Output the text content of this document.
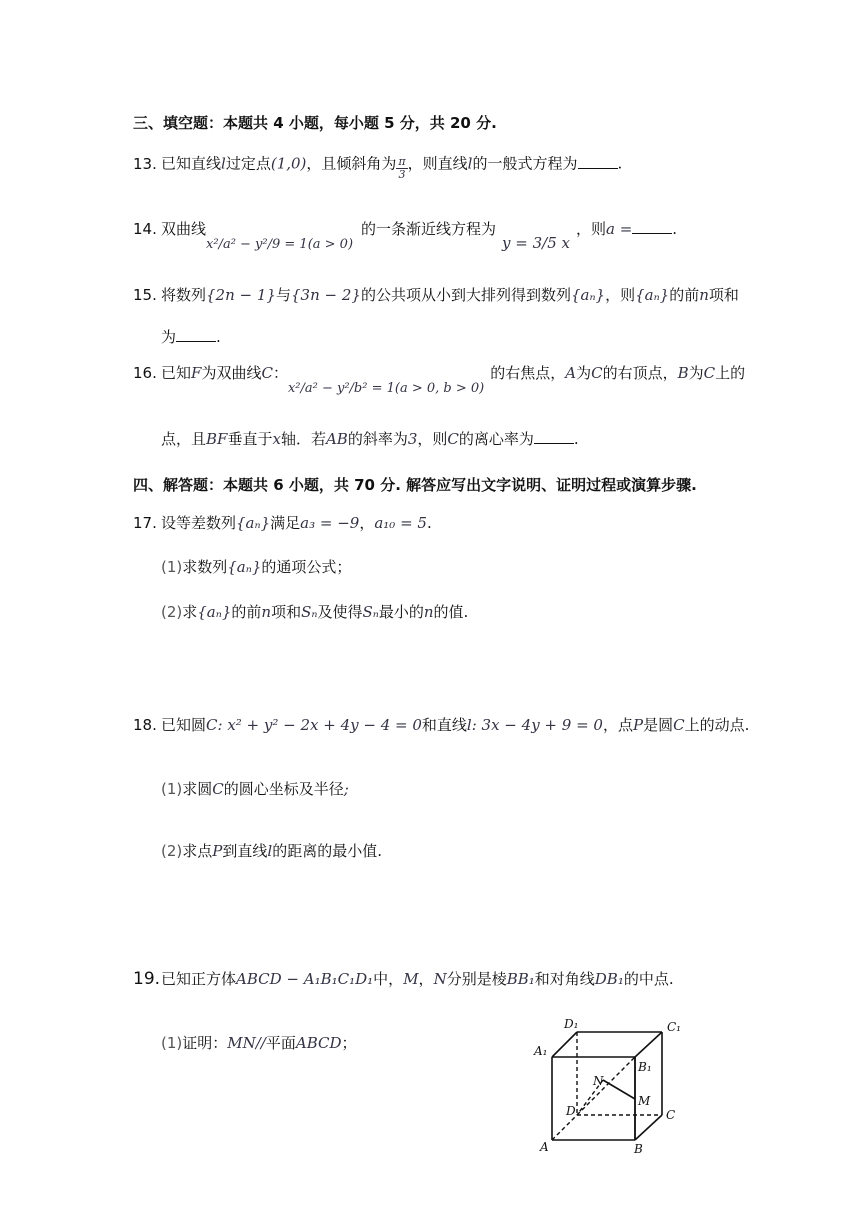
三、填空题：本题共 4 小题，每小题 5 分，共 20 分.
13. 已知直线l过定点(1,0)，且倾斜角为 $\frac{\pi}{3}$，则直线l的一般式方程为	.
14. 双曲线x²/a² − y²/9 = 1(a > 0)的一条渐近线方程为y = 3/5 x，则a =	.
15. 将数列{2n − 1}与{3n − 2}的公共项从小到大排列得到数列{aₙ}，则{aₙ}的前n项和
为	.
16. 已知F为双曲线C：x²/a² − y²/b² = 1(a > 0, b > 0)的右焦点，A为C的右顶点，B为C上的
点，且BF垂直于x轴．若AB的斜率为3，则C的离心率为	.
四、解答题：本题共 6 小题，共 70 分. 解答应写出文字说明、证明过程或演算步骤.
17. 设等差数列{aₙ}满足a₃ = −9，a₁₀ = 5.
(1)求数列{aₙ}的通项公式；
(2)求{aₙ}的前n项和Sₙ及使得Sₙ最小的n的值.
18. 已知圆C: x² + y² − 2x + 4y − 4 = 0和直线l: 3x − 4y + 9 = 0，点P是圆C上的动点.
(1)求圆C的圆心坐标及半径;
(2)求点P到直线l的距离的最小值.
19.已知正方体ABCD − A₁B₁C₁D₁中，M，N分别是棱BB₁和对角线DB₁的中点.
(1)证明：MN//平面ABCD；
D₁	C₁
A₁
B₁
N
D
M
C
A	B
